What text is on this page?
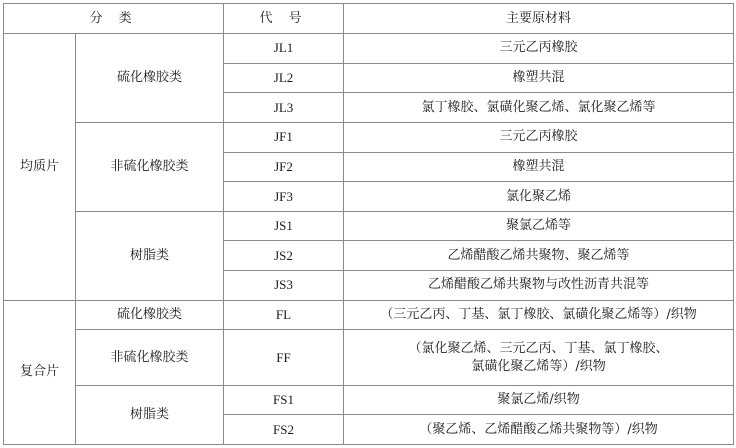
分 类		代 号	主要原材料
均质片	硫化橡胶类	JL1	三元乙丙橡胶
		JL2	橡塑共混
		JL3	氯丁橡胶、氯磺化聚乙烯、氯化聚乙烯等
	非硫化橡胶类	JF1	三元乙丙橡胶
		JF2	橡塑共混
		JF3	氯化聚乙烯
	树脂类	JS1	聚氯乙烯等
		JS2	乙烯醋酸乙烯共聚物、聚乙烯等
		JS3	乙烯醋酸乙烯共聚物与改性沥青共混等
复合片	硫化橡胶类	FL	（三元乙丙、丁基、氯丁橡胶、氯磺化聚乙烯等）/织物
	非硫化橡胶类	FF	（氯化聚乙烯、三元乙丙、丁基、氯丁橡胶、
氯磺化聚乙烯等）/织物

	树脂类	FS1	聚氯乙烯/织物
		FS2	（聚乙烯、乙烯醋酸乙烯共聚物等）/织物
